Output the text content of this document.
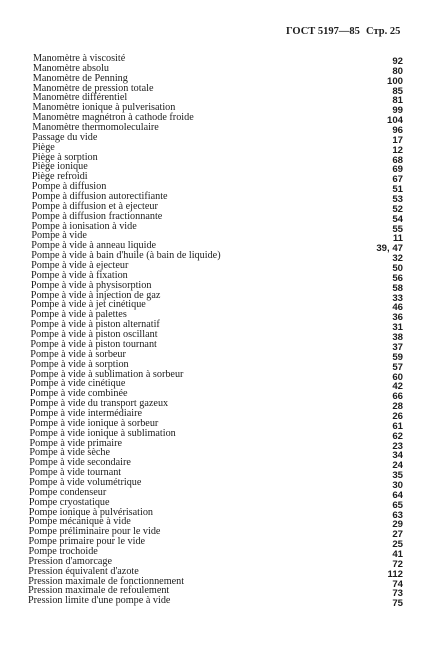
ГОСТ 5197—85 Стр. 25
Manomètre à viscosité	92
Manomètre absolu	80
Manomètre de Penning	100
Manomètre de pression totale	85
Manomètre différentiel	81
Manomètre ionique à pulverisation	99
Manomètre magnétron à cathode froide	104
Manomètre thermomoleculaire	96
Passage du vide	17
Piège	12
Piège à sorption	68
Piège ionique	69
Piège refroidi	67
Pompe à diffusion	51
Pompe à diffusion autorectifiante	53
Pompe à diffusion et à ejecteur	52
Pompe à diffusion fractionnante	54
Pompe à ionisation à vide	55
Pompe à vide	11
Pompe à vide à anneau liquide	39, 47
Pompe à vide à bain d'huile (à bain de liquide)	32
Pompe à vide à ejecteur	50
Pompe à vide à fixation	56
Pompe à vide à physisorption	58
Pompe à vide à injection de gaz	33
Pompe à vide à jet cinétique	46
Pompe à vide à palettes	36
Pompe à vide à piston alternatif	31
Pompe à vide à piston oscillant	38
Pompe à vide à piston tournant	37
Pompe à vide à sorbeur	59
Pompe à vide à sorption	57
Pompe à vide à sublimation à sorbeur	60
Pompe à vide cinétique	42
Pompe à vide combinée	66
Pompe à vide du transport gazeux	28
Pompe à vide intermédiaire	26
Pompe à vide ionique à sorbeur	61
Pompe à vide ionique à sublimation	62
Pompe à vide primaire	23
Pompe à vide sèche	34
Pompe à vide secondaire	24
Pompe à vide tournant	35
Pompe à vide volumétrique	30
Pompe condenseur	64
Pompe cryostatique	65
Pompe ionique à pulvérisation	63
Pompe mécanique à vide	29
Pompe préliminaire pour le vide	27
Pompe primaire pour le vide	25
Pompe trochoide	41
Pression d'amorcage	72
Pression équivalent d'azote	112
Pression maximale de fonctionnement	74
Pression maximale de refoulement	73
Pression limite d'une pompe à vide	75
